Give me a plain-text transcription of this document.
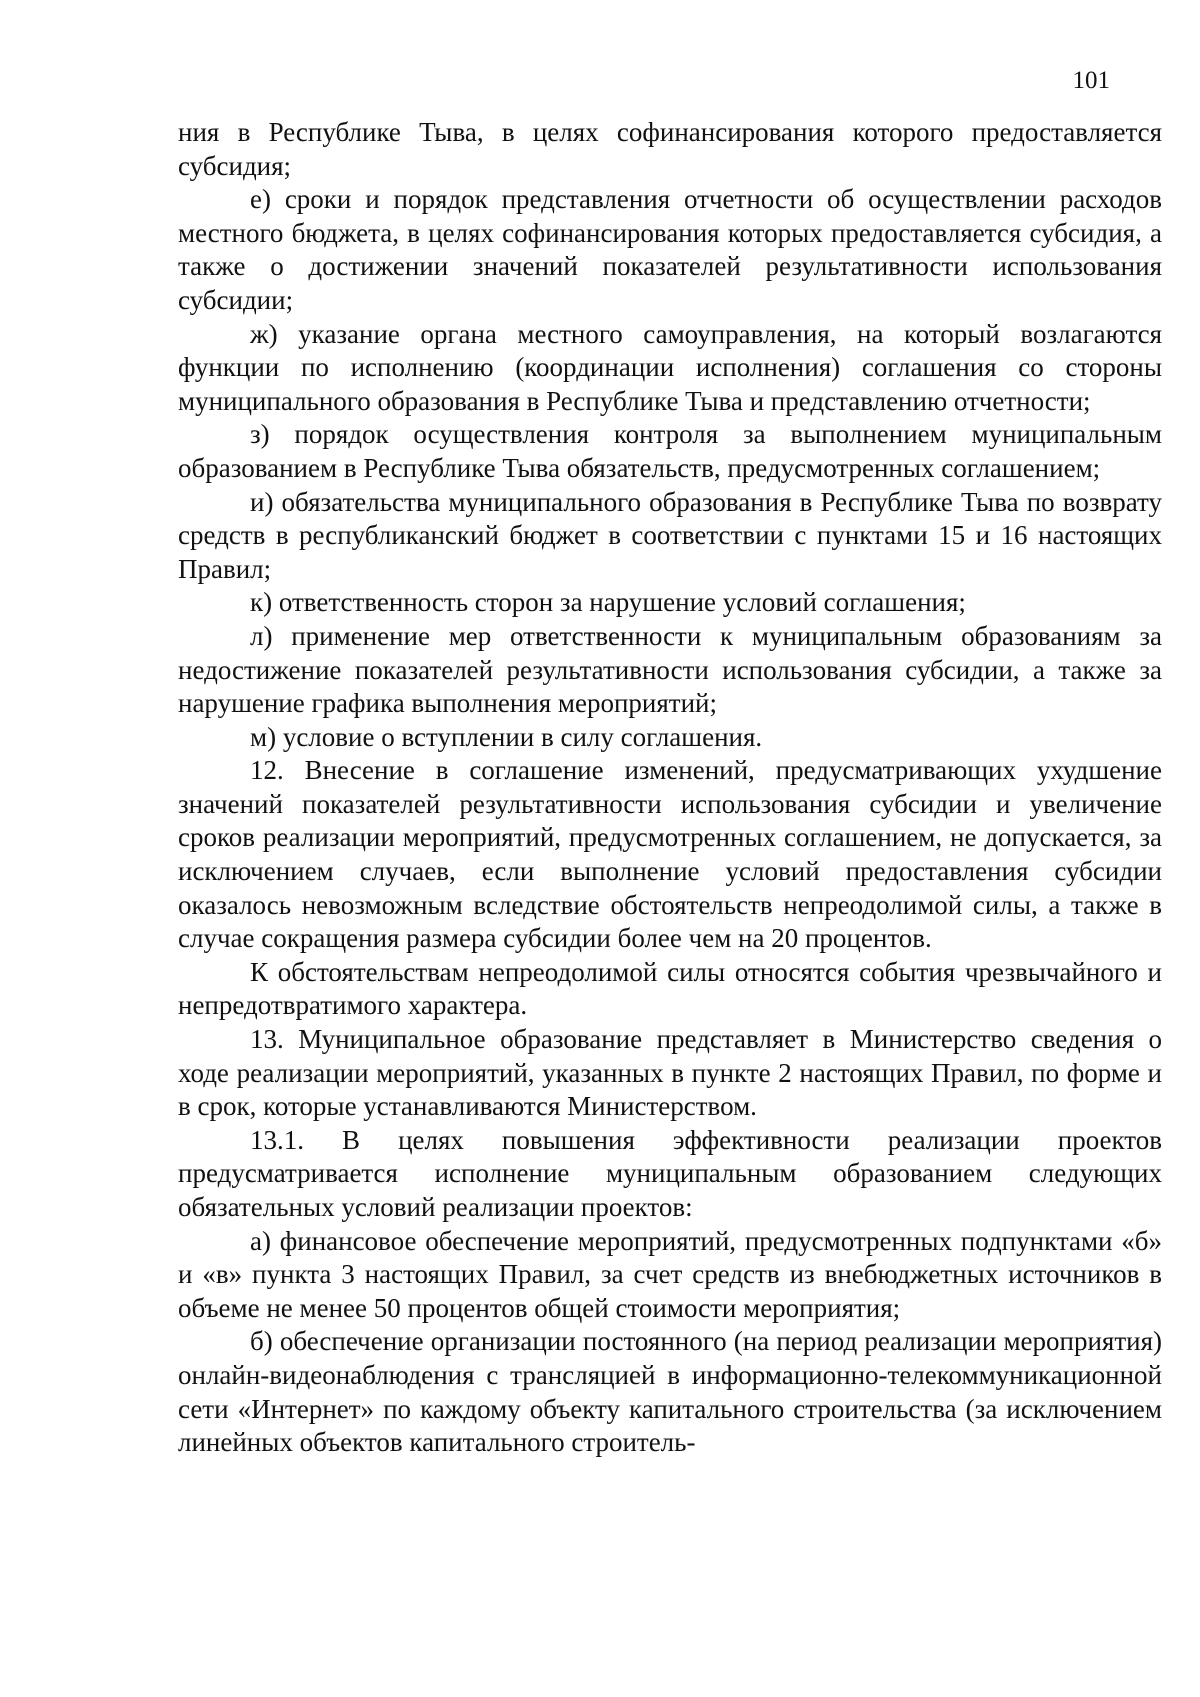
101

ния в Республике Тыва, в целях софинансирования которого предоставляется субсидия;

е) сроки и порядок представления отчетности об осуществлении расходов местного бюджета, в целях софинансирования которых предоставляется субсидия, а также о достижении значений показателей результативности использования субсидии;

ж) указание органа местного самоуправления, на который возлагаются функции по исполнению (координации исполнения) соглашения со стороны муниципального образования в Республике Тыва и представлению отчетности;

з) порядок осуществления контроля за выполнением муниципальным образованием в Республике Тыва обязательств, предусмотренных соглашением;

и) обязательства муниципального образования в Республике Тыва по возврату средств в республиканский бюджет в соответствии с пунктами 15 и 16 настоящих Правил;

к) ответственность сторон за нарушение условий соглашения;

л) применение мер ответственности к муниципальным образованиям за недостижение показателей результативности использования субсидии, а также за нарушение графика выполнения мероприятий;

м) условие о вступлении в силу соглашения.

12. Внесение в соглашение изменений, предусматривающих ухудшение значений показателей результативности использования субсидии и увеличение сроков реализации мероприятий, предусмотренных соглашением, не допускается, за исключением случаев, если выполнение условий предоставления субсидии оказалось невозможным вследствие обстоятельств непреодолимой силы, а также в случае сокращения размера субсидии более чем на 20 процентов.

К обстоятельствам непреодолимой силы относятся события чрезвычайного и непредотвратимого характера.

13. Муниципальное образование представляет в Министерство сведения о ходе реализации мероприятий, указанных в пункте 2 настоящих Правил, по форме и в срок, которые устанавливаются Министерством.

13.1. В целях повышения эффективности реализации проектов предусматривается исполнение муниципальным образованием следующих обязательных условий реализации проектов:

а) финансовое обеспечение мероприятий, предусмотренных подпунктами «б» и «в» пункта 3 настоящих Правил, за счет средств из внебюджетных источников в объеме не менее 50 процентов общей стоимости мероприятия;

б) обеспечение организации постоянного (на период реализации мероприятия) онлайн-видеонаблюдения с трансляцией в информационно-телекоммуникационной сети «Интернет» по каждому объекту капитального строительства (за исключением линейных объектов капитального строитель-
